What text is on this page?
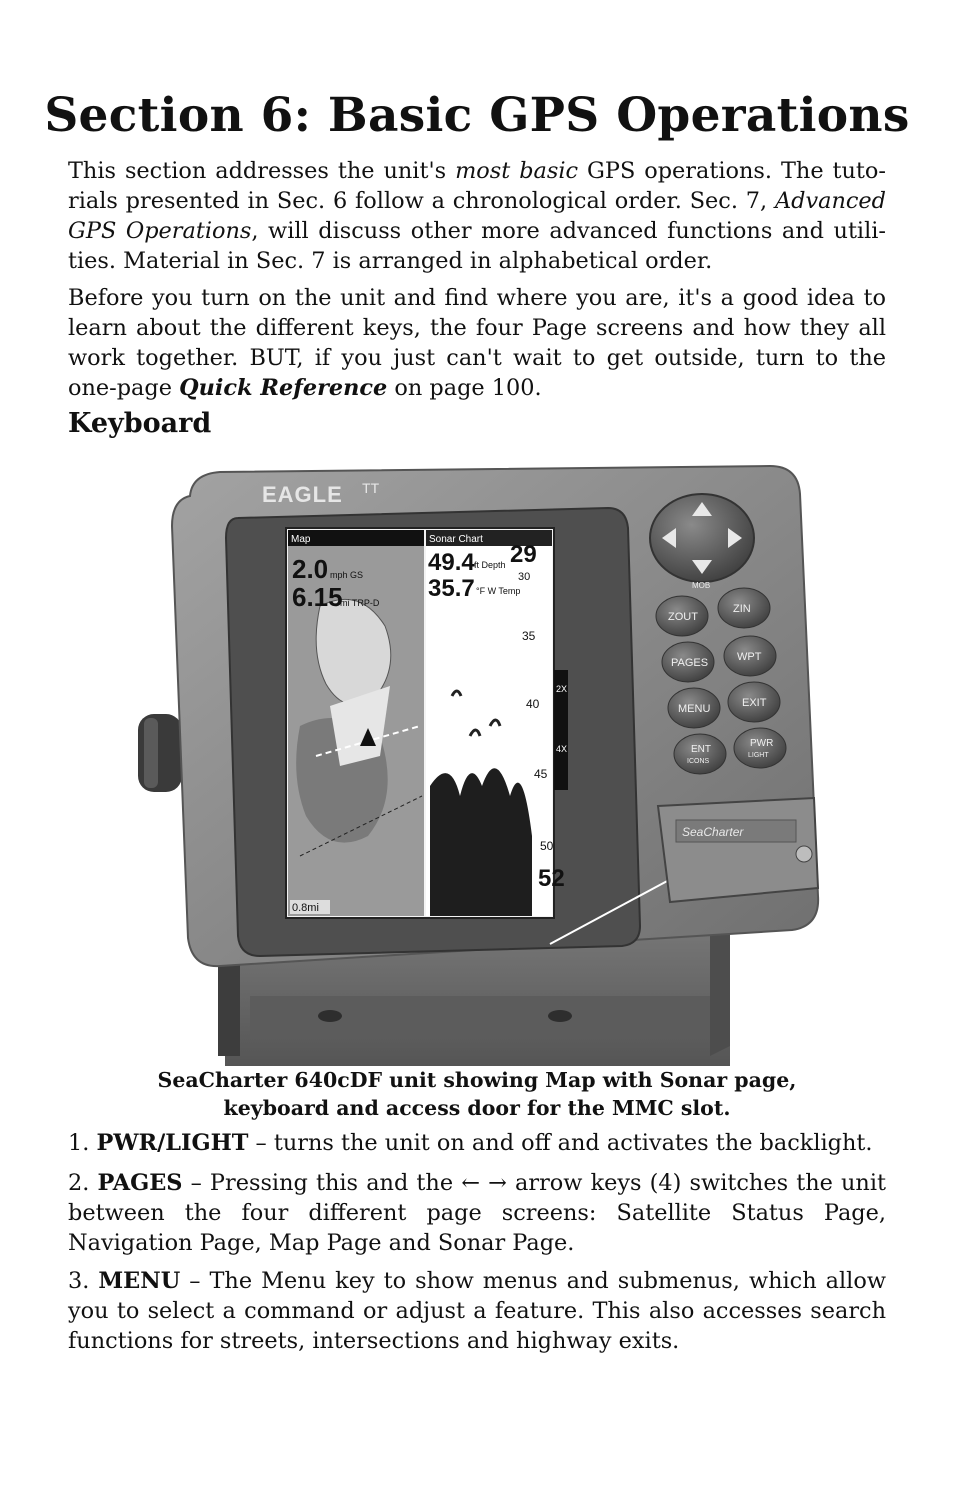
Section 6: Basic GPS Operations

This section addresses the unit's most basic GPS operations. The tutorials presented in Sec. 6 follow a chronological order. Sec. 7, Advanced GPS Operations, will discuss other more advanced functions and utilities. Material in Sec. 7 is arranged in alphabetical order.

Before you turn on the unit and find where you are, it's a good idea to learn about the different keys, the four Page screens and how they all work together. BUT, if you just can't wait to get outside, turn to the one-page Quick Reference on page 100.

Keyboard
EAGLE ᵀᵀ
Map
2.0 mph GS
6.15
mi TRP-D
0.8mi
Sonar Chart
49.4 ft Depth 29
35.7 °F W Temp
30
35
40
45
50
52
2X
4X
MOB
ZOUT
ZIN
PAGES	WPT
MENU	EXIT
ENT
ICONS
PWR
LIGHT
SeaCharter

SeaCharter 640cDF unit showing Map with Sonar page,
keyboard and access door for the MMC slot.

1. PWR/LIGHT – turns the unit on and off and activates the backlight.

2. PAGES – Pressing this and the ← → arrow keys (4) switches the unit between the four different page screens: Satellite Status Page, Navigation Page, Map Page and Sonar Page.

3. MENU – The Menu key to show menus and submenus, which allow you to select a command or adjust a feature. This also accesses search functions for streets, intersections and highway exits.
